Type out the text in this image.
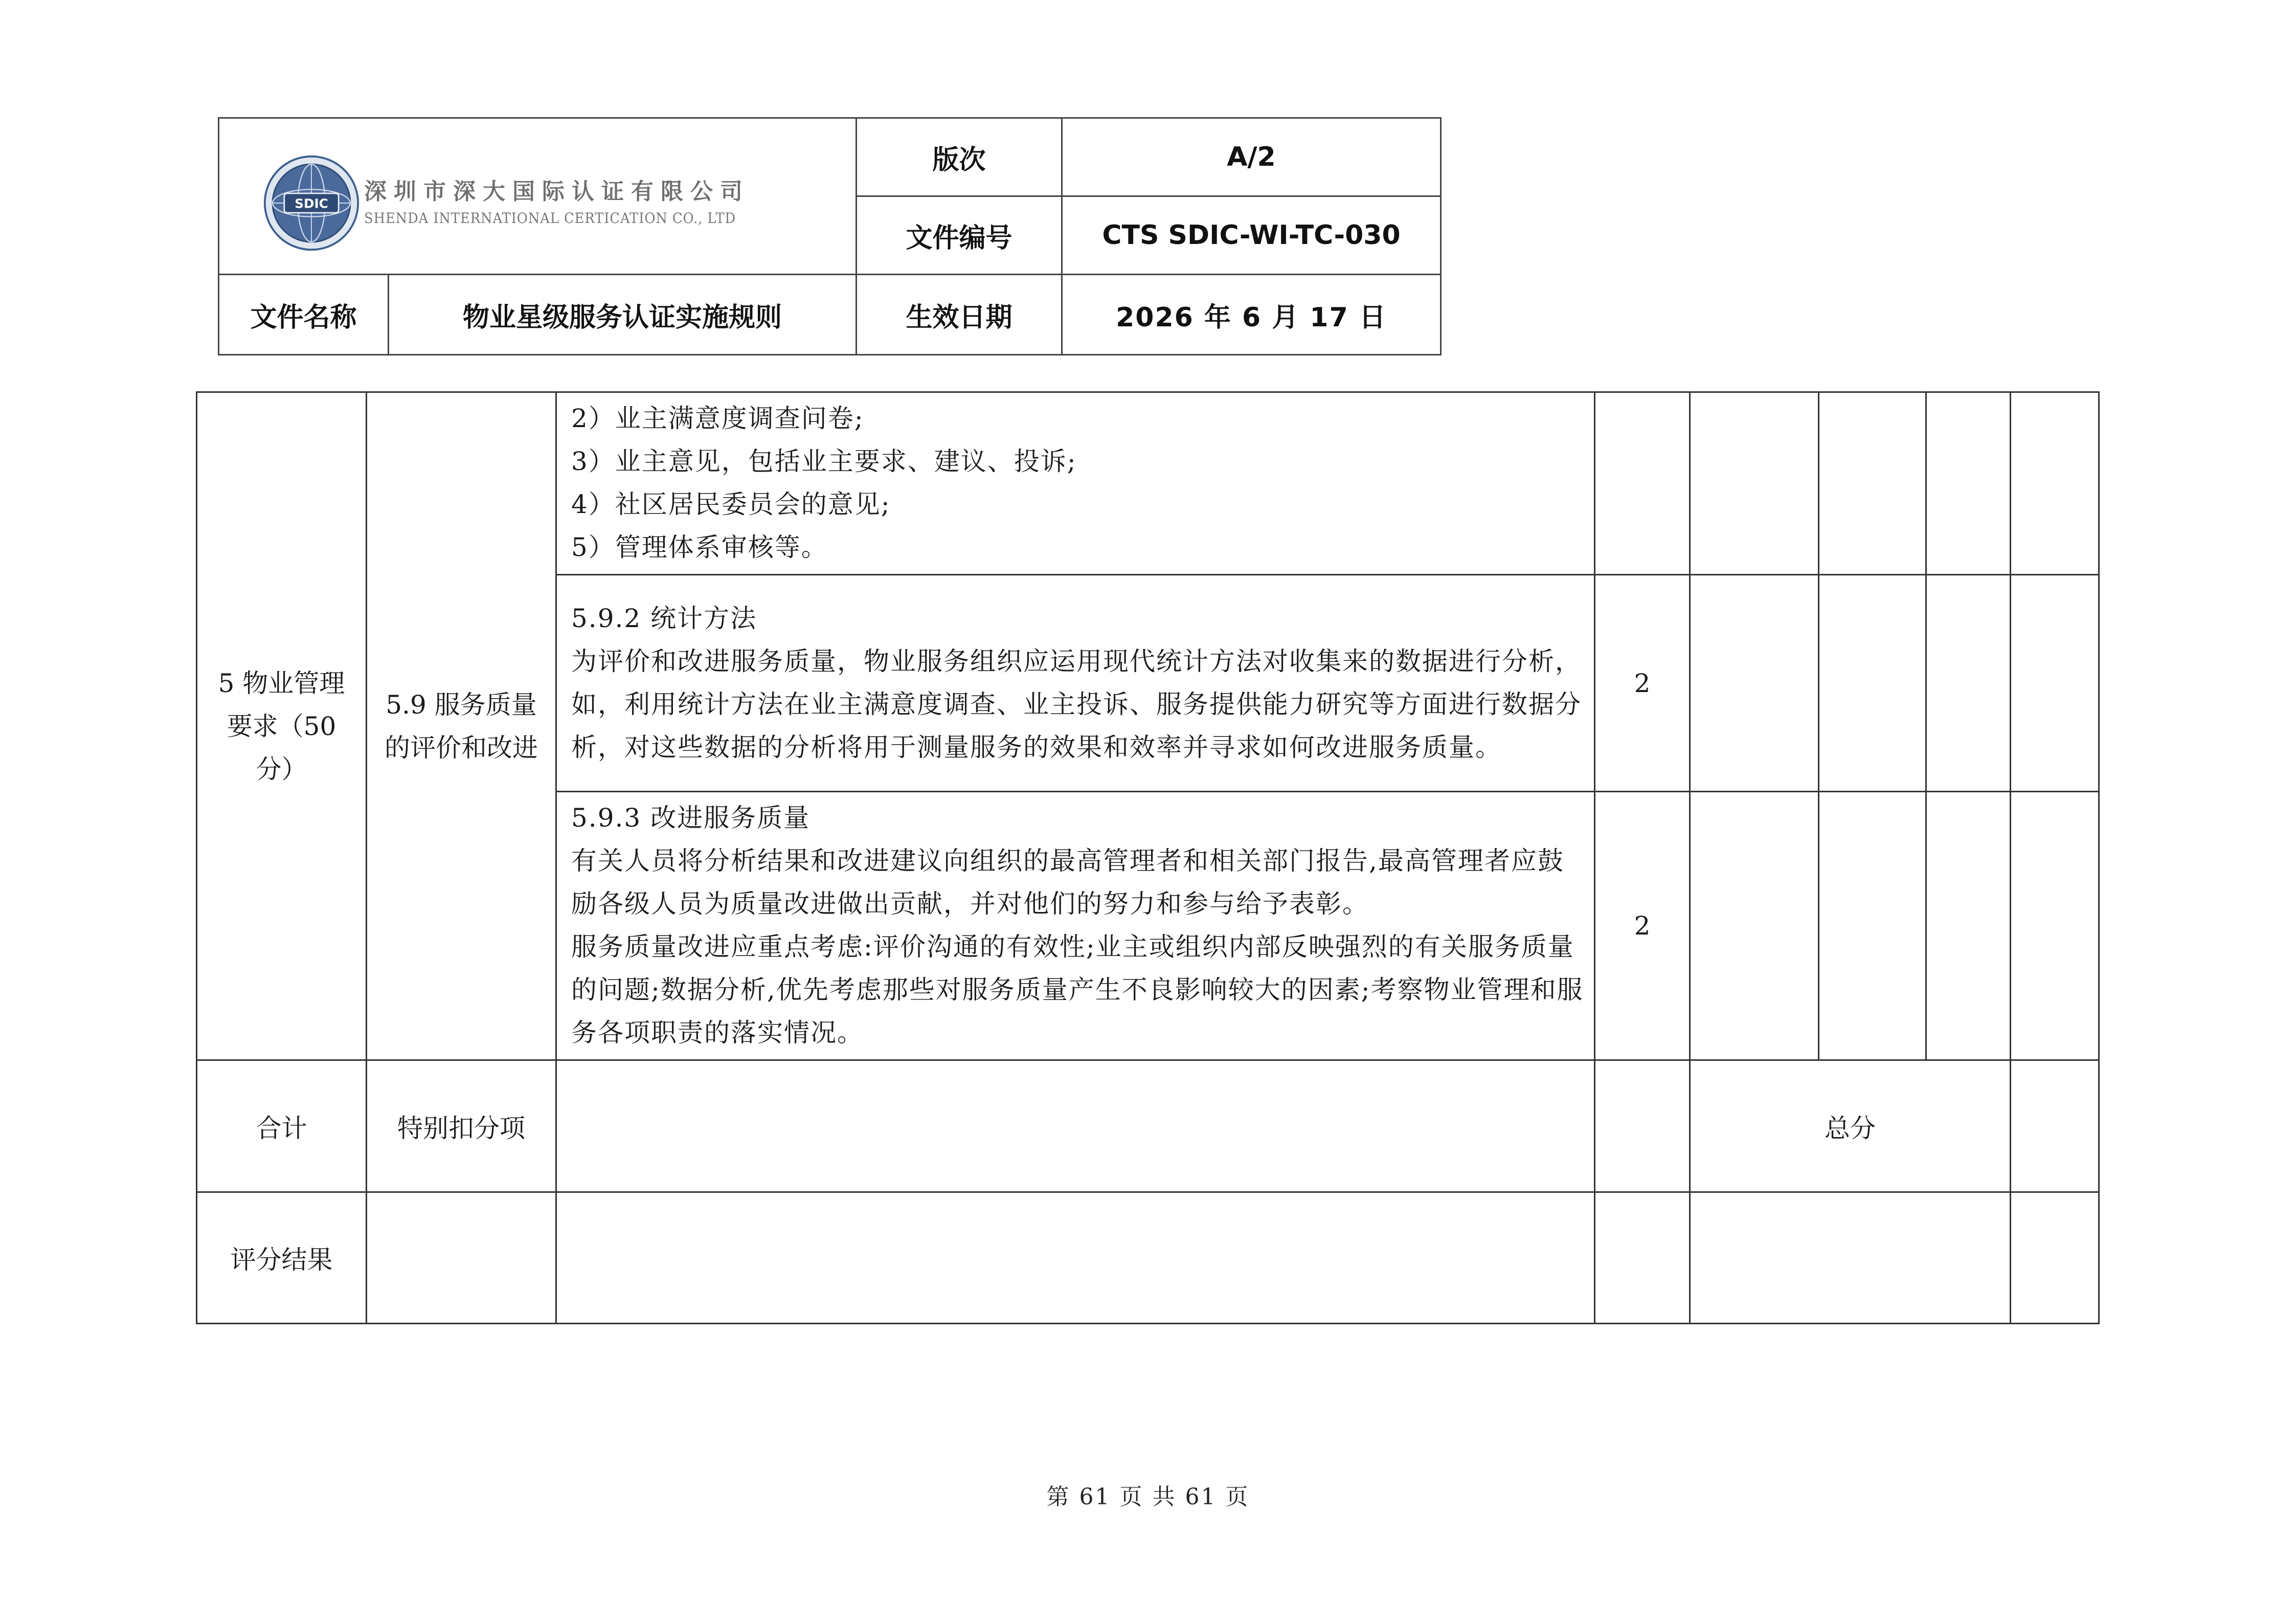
SDIC 深圳市深大国际认证有限公司
SHENDA INTERNATIONAL CERTICATION CO., LTD		版次	A/2
		文件编号	CTS SDIC-WI-TC-030
文件名称	物业星级服务认证实施规则	生效日期	2026 年 6 月 17 日
5 物业管理要求（50 分）	5.9 服务质量的评价和改进	2）业主满意度调查问卷;
3）业主意见，包括业主要求、建议、投诉;
4）社区居民委员会的意见;
5）管理体系审核等。					

		5.9.2 统计方法
为评价和改进服务质量，物业服务组织应运用现代统计方法对收集来的数据进行分析，如，利用统计方法在业主满意度调查、业主投诉、服务提供能力研究等方面进行数据分析，对这些数据的分析将用于测量服务的效果和效率并寻求如何改进服务质量。	2				

		5.9.3 改进服务质量
有关人员将分析结果和改进建议向组织的最高管理者和相关部门报告,最高管理者应鼓励各级人员为质量改进做出贡献，并对他们的努力和参与给予表彰。
服务质量改进应重点考虑:评价沟通的有效性;业主或组织内部反映强烈的有关服务质量的问题;数据分析,优先考虑那些对服务质量产生不良影响较大的因素;考察物业管理和服务各项职责的落实情况。	2				
合计	特别扣分项			总分			
评分结果							
第 61 页 共 61 页
